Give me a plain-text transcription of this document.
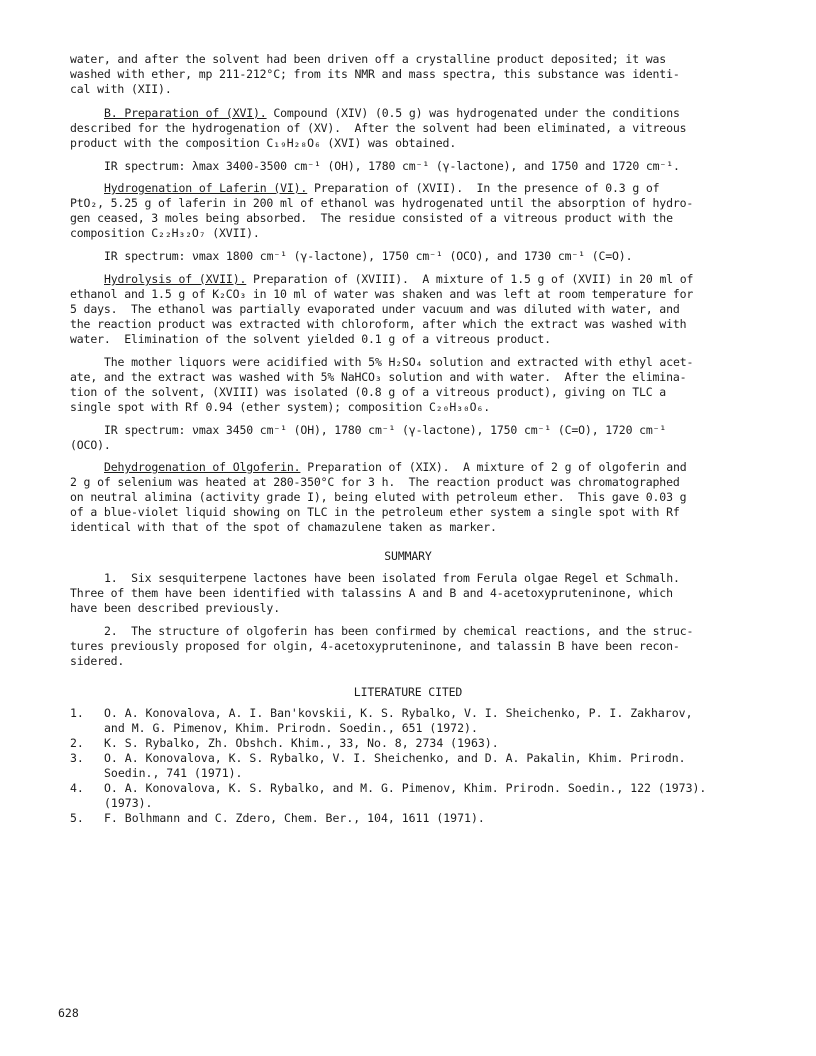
water, and after the solvent had been driven off a crystalline product deposited; it was
washed with ether, mp 211-212°C; from its NMR and mass spectra, this substance was identi-
cal with (XII).
B. Preparation of (XVI). Compound (XIV) (0.5 g) was hydrogenated under the conditions
described for the hydrogenation of (XV).  After the solvent had been eliminated, a vitreous
product with the composition C₁₉H₂₈O₆ (XVI) was obtained.
IR spectrum: λmax 3400-3500 cm⁻¹ (OH), 1780 cm⁻¹ (γ-lactone), and 1750 and 1720 cm⁻¹.
Hydrogenation of Laferin (VI). Preparation of (XVII).  In the presence of 0.3 g of
PtO₂, 5.25 g of laferin in 200 ml of ethanol was hydrogenated until the absorption of hydro-
gen ceased, 3 moles being absorbed.  The residue consisted of a vitreous product with the
composition C₂₂H₃₂O₇ (XVII).
IR spectrum: νmax 1800 cm⁻¹ (γ-lactone), 1750 cm⁻¹ (OCO), and 1730 cm⁻¹ (C=O).
Hydrolysis of (XVII). Preparation of (XVIII).  A mixture of 1.5 g of (XVII) in 20 ml of
ethanol and 1.5 g of K₂CO₃ in 10 ml of water was shaken and was left at room temperature for
5 days.  The ethanol was partially evaporated under vacuum and was diluted with water, and
the reaction product was extracted with chloroform, after which the extract was washed with
water.  Elimination of the solvent yielded 0.1 g of a vitreous product.
The mother liquors were acidified with 5% H₂SO₄ solution and extracted with ethyl acet-
ate, and the extract was washed with 5% NaHCO₃ solution and with water.  After the elimina-
tion of the solvent, (XVIII) was isolated (0.8 g of a vitreous product), giving on TLC a
single spot with Rf 0.94 (ether system); composition C₂₀H₃₀O₆.
IR spectrum: νmax 3450 cm⁻¹ (OH), 1780 cm⁻¹ (γ-lactone), 1750 cm⁻¹ (C=O), 1720 cm⁻¹
(OCO).
Dehydrogenation of Olgoferin. Preparation of (XIX).  A mixture of 2 g of olgoferin and
2 g of selenium was heated at 280-350°C for 3 h.  The reaction product was chromatographed
on neutral alimina (activity grade I), being eluted with petroleum ether.  This gave 0.03 g
of a blue-violet liquid showing on TLC in the petroleum ether system a single spot with Rf
identical with that of the spot of chamazulene taken as marker.
SUMMARY
1.  Six sesquiterpene lactones have been isolated from Ferula olgae Regel et Schmalh.
Three of them have been identified with talassins A and B and 4-acetoxypruteninone, which
have been described previously.
2.  The structure of olgoferin has been confirmed by chemical reactions, and the struc-
tures previously proposed for olgin, 4-acetoxypruteninone, and talassin B have been recon-
sidered.
LITERATURE CITED
1. O. A. Konovalova, A. I. Ban'kovskii, K. S. Rybalko, V. I. Sheichenko, P. I. Zakharov,
and M. G. Pimenov, Khim. Prirodn. Soedin., 651 (1972).
2. K. S. Rybalko, Zh. Obshch. Khim., 33, No. 8, 2734 (1963).
3. O. A. Konovalova, K. S. Rybalko, V. I. Sheichenko, and D. A. Pakalin, Khim. Prirodn.
Soedin., 741 (1971).
4. O. A. Konovalova, K. S. Rybalko, and M. G. Pimenov, Khim. Prirodn. Soedin., 122 (1973).
(1973).
5. F. Bolhmann and C. Zdero, Chem. Ber., 104, 1611 (1971).
628
